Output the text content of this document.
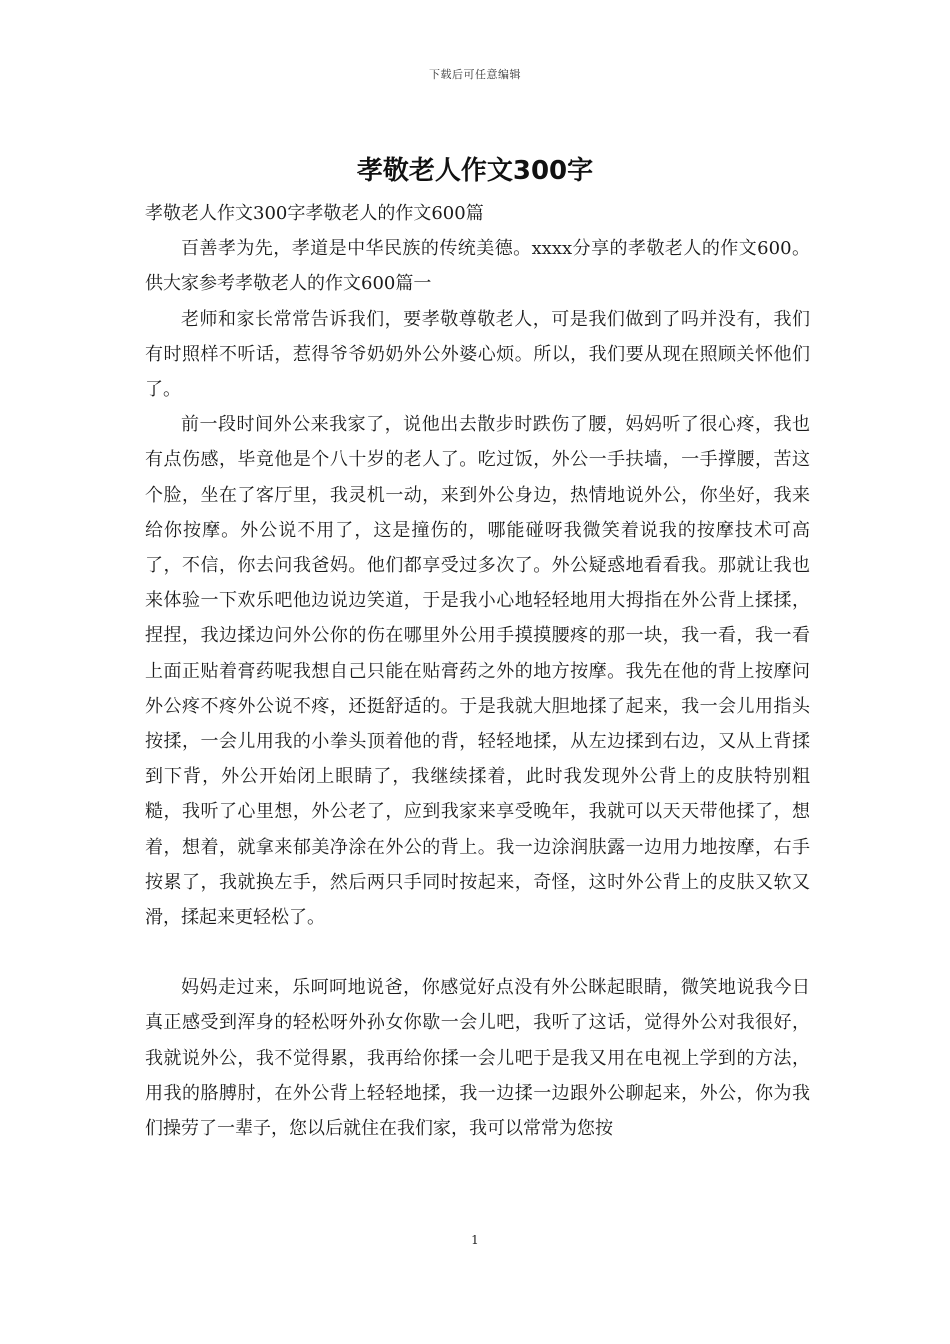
下载后可任意编辑
孝敬老人作文300字

孝敬老人作文300字孝敬老人的作文600篇

百善孝为先，孝道是中华民族的传统美德。xxxx分享的孝敬老人的作文600。供大家参考孝敬老人的作文600篇一

老师和家长常常告诉我们，要孝敬尊敬老人，可是我们做到了吗并没有，我们有时照样不听话，惹得爷爷奶奶外公外婆心烦。所以，我们要从现在照顾关怀他们了。

前一段时间外公来我家了，说他出去散步时跌伤了腰，妈妈听了很心疼，我也有点伤感，毕竟他是个八十岁的老人了。吃过饭，外公一手扶墙，一手撑腰，苦这个脸，坐在了客厅里，我灵机一动，来到外公身边，热情地说外公，你坐好，我来给你按摩。外公说不用了，这是撞伤的，哪能碰呀我微笑着说我的按摩技术可高了，不信，你去问我爸妈。他们都享受过多次了。外公疑惑地看看我。那就让我也来体验一下欢乐吧他边说边笑道，于是我小心地轻轻地用大拇指在外公背上揉揉，捏捏，我边揉边问外公你的伤在哪里外公用手摸摸腰疼的那一块，我一看，我一看上面正贴着膏药呢我想自己只能在贴膏药之外的地方按摩。我先在他的背上按摩问外公疼不疼外公说不疼，还挺舒适的。于是我就大胆地揉了起来，我一会儿用指头按揉，一会儿用我的小拳头顶着他的背，轻轻地揉，从左边揉到右边，又从上背揉到下背，外公开始闭上眼睛了，我继续揉着，此时我发现外公背上的皮肤特别粗糙，我听了心里想，外公老了，应到我家来享受晚年，我就可以天天带他揉了，想着，想着，就拿来郁美净涂在外公的背上。我一边涂润肤露一边用力地按摩，右手按累了，我就换左手，然后两只手同时按起来，奇怪，这时外公背上的皮肤又软又滑，揉起来更轻松了。

妈妈走过来，乐呵呵地说爸，你感觉好点没有外公眯起眼睛，微笑地说我今日真正感受到浑身的轻松呀外孙女你歇一会儿吧，我听了这话，觉得外公对我很好，我就说外公，我不觉得累，我再给你揉一会儿吧于是我又用在电视上学到的方法，用我的胳膊肘，在外公背上轻轻地揉，我一边揉一边跟外公聊起来，外公，你为我们操劳了一辈子，您以后就住在我们家，我可以常常为您按

1
